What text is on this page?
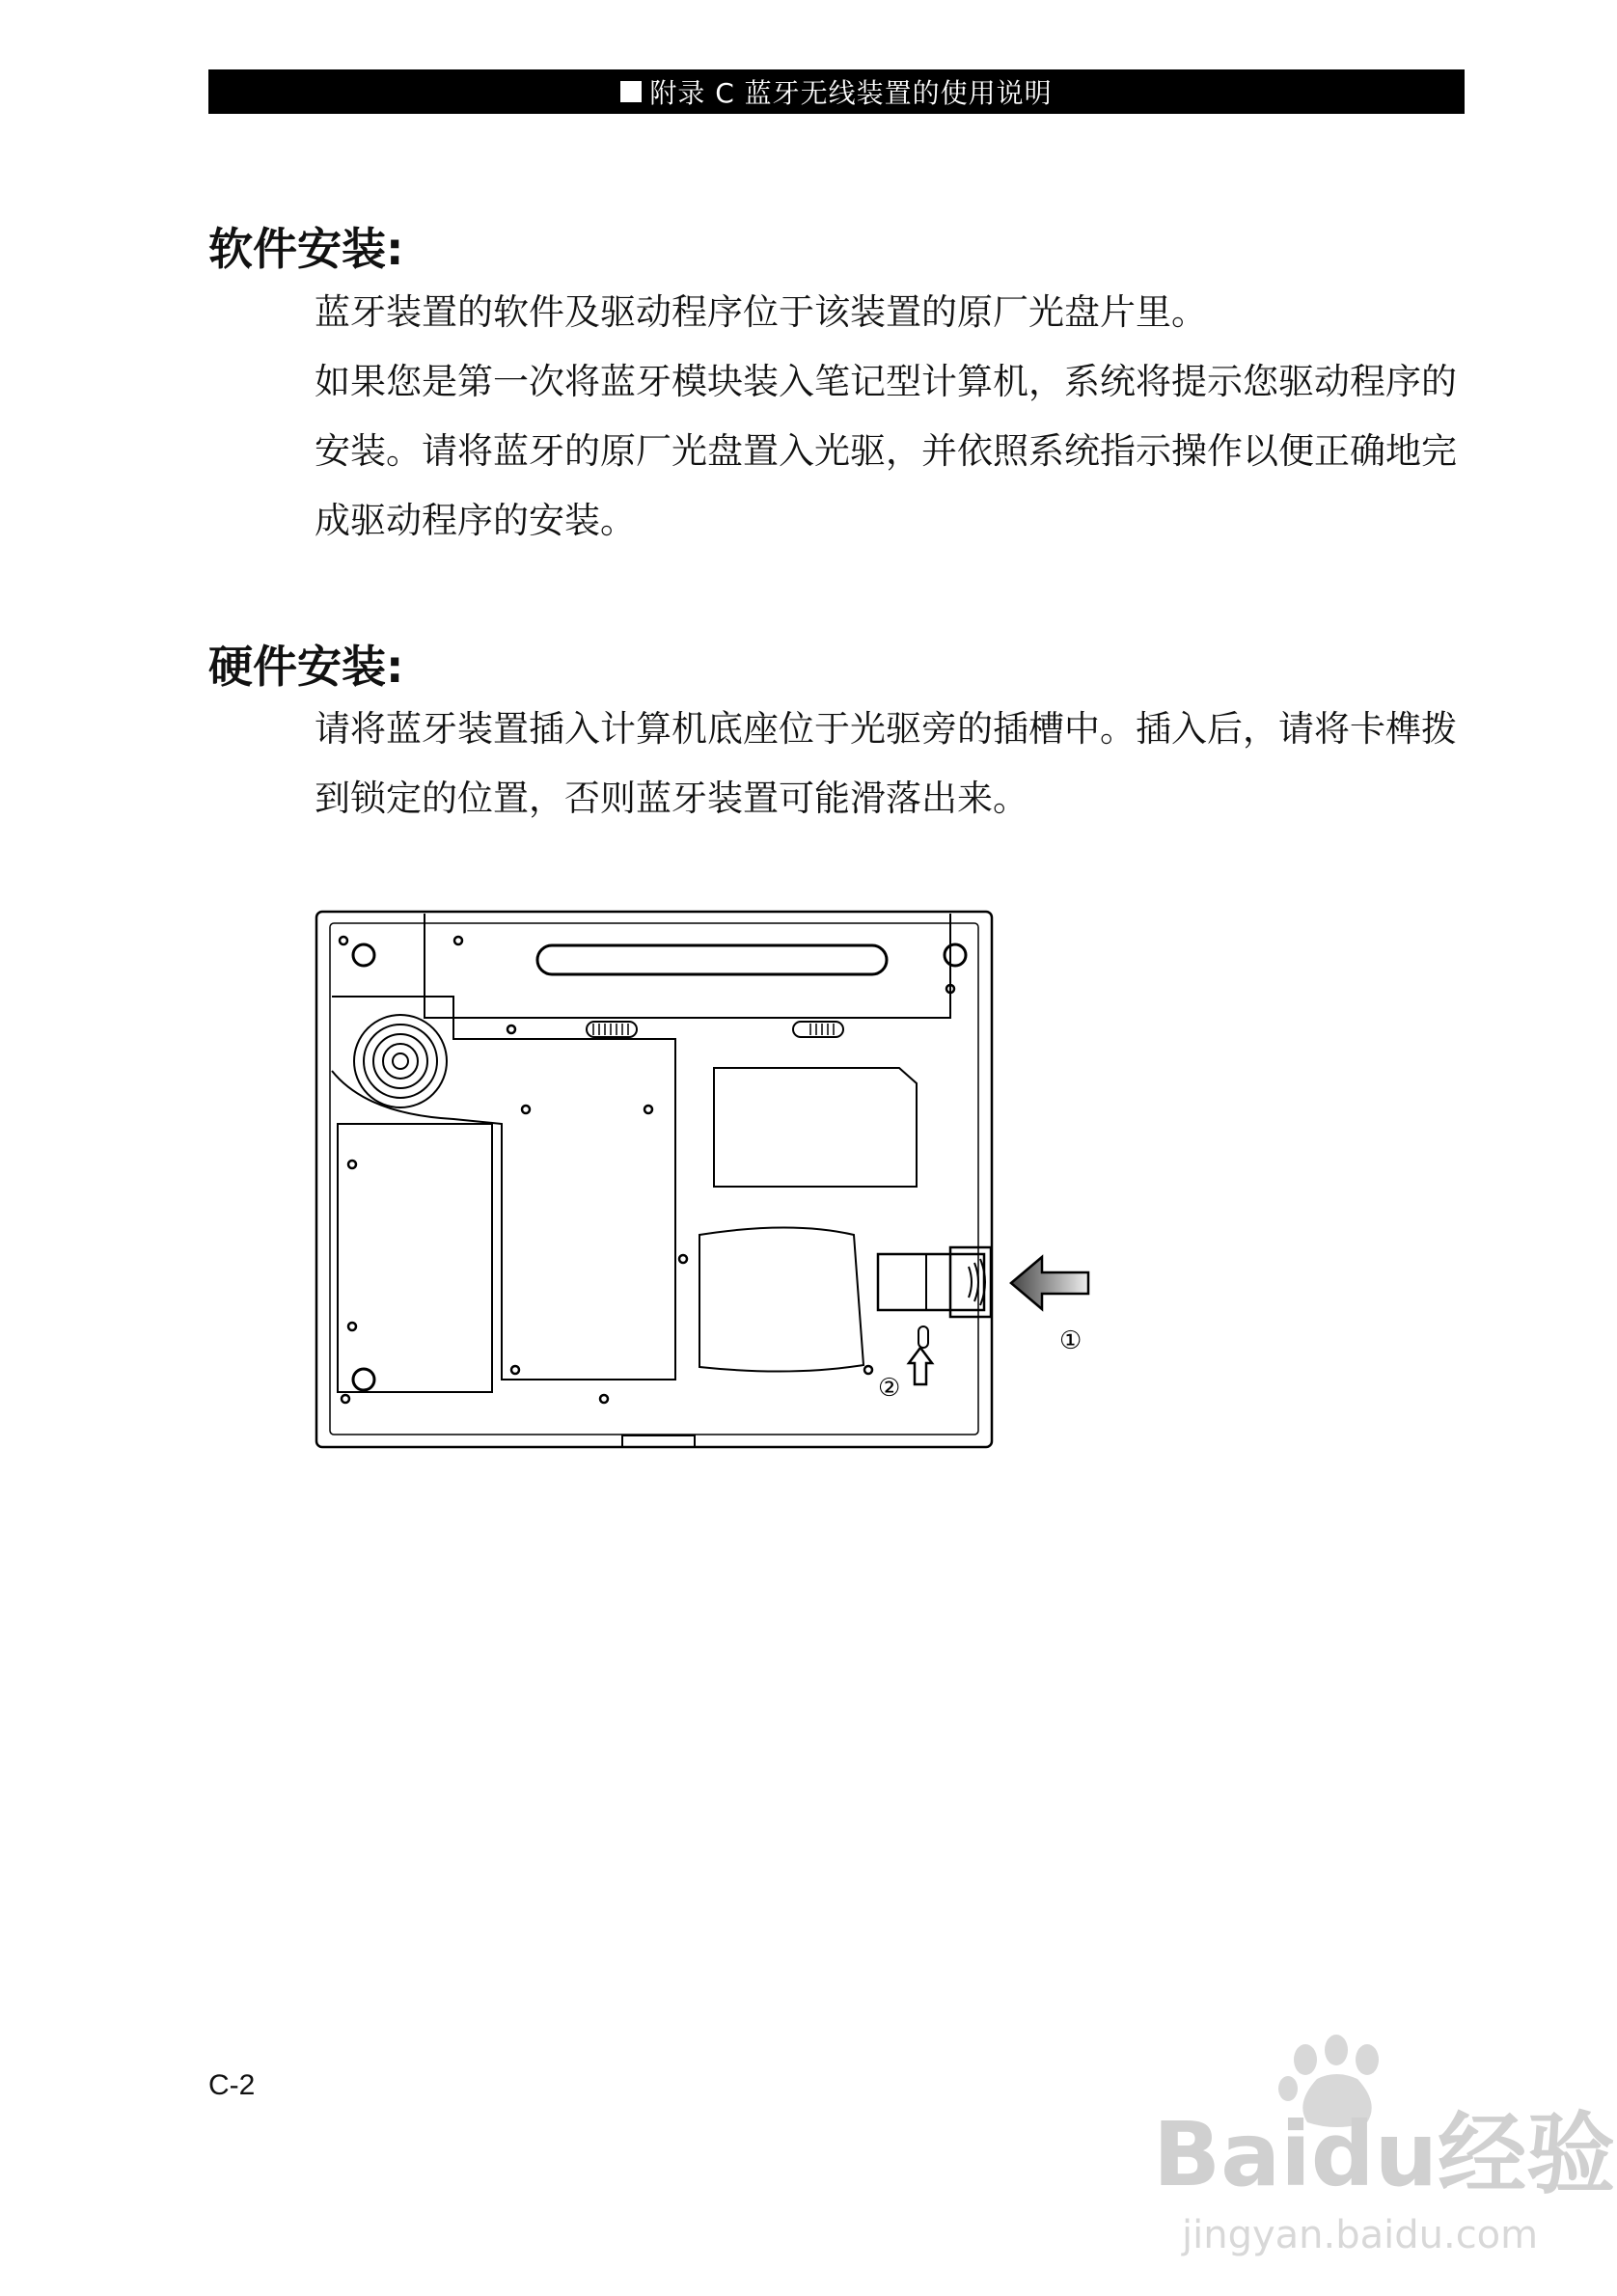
附录 C 蓝牙无线装置的使用说明
软件安装:

蓝牙装置的软件及驱动程序位于该装置的原厂光盘片里。

如果您是第一次将蓝牙模块装入笔记型计算机，系统将提示您驱动程序的安装。请将蓝牙的原厂光盘置入光驱，并依照系统指示操作以便正确地完成驱动程序的安装。

硬件安装:

请将蓝牙装置插入计算机底座位于光驱旁的插槽中。插入后，请将卡榫拨到锁定的位置，否则蓝牙装置可能滑落出来。

①
②
C-2
Baidu经验
jingyan.baidu.com
